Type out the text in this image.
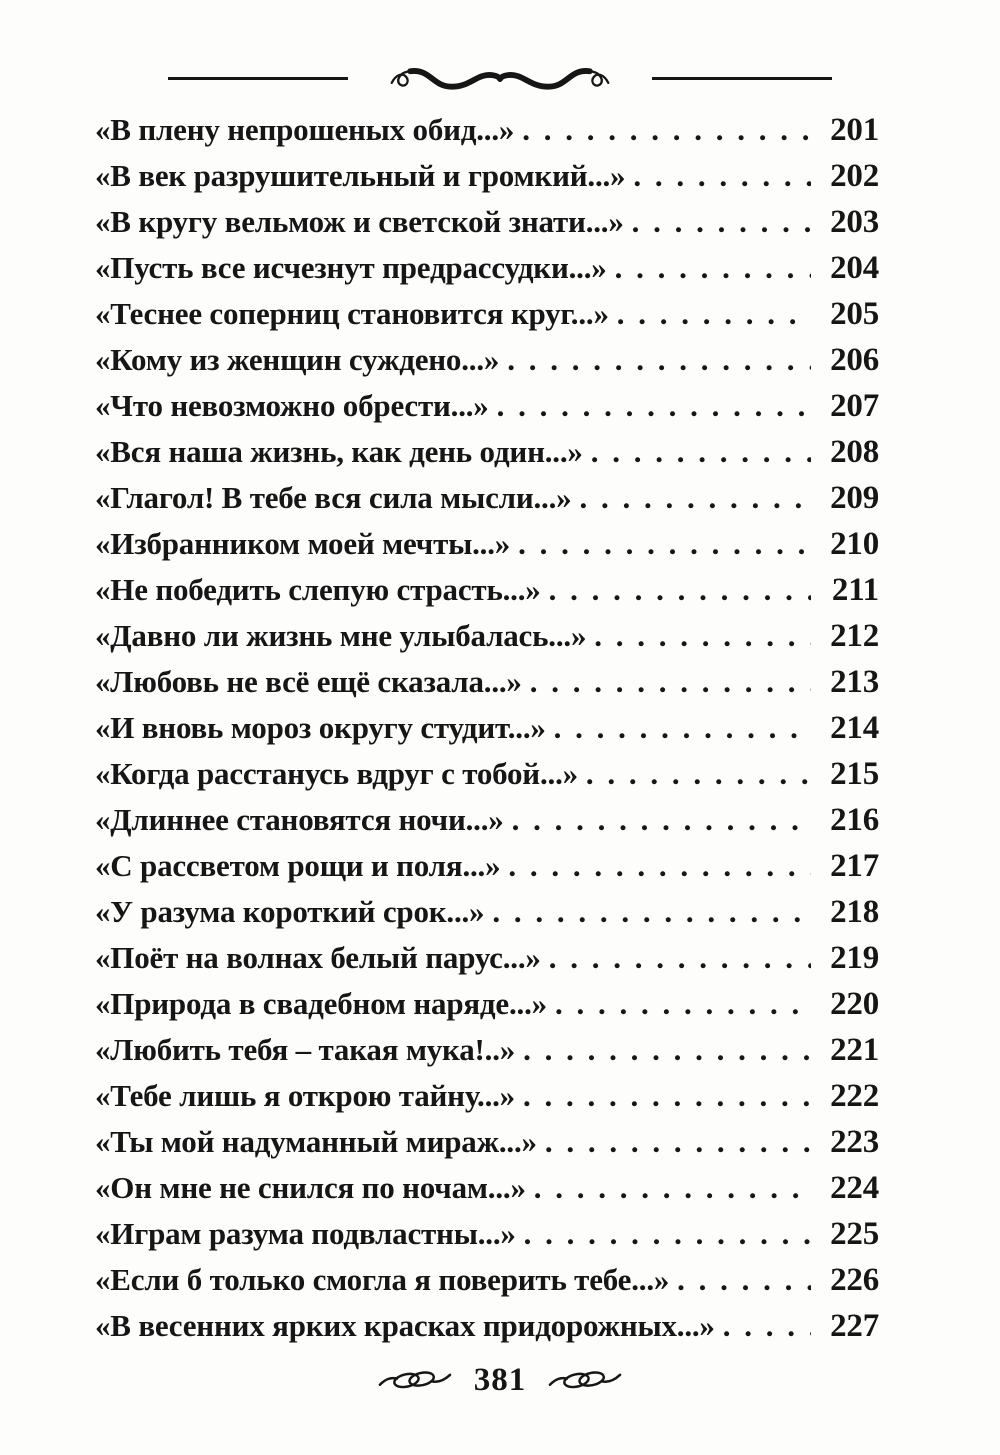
«В плену непрошеных обид...» . . .	201
«В век разрушительный и громкий...» . . .	202
«В кругу вельмож и светской знати...» . . .	203
«Пусть все исчезнут предрассудки...» . . .	204
«Теснее соперниц становится круг...» . . .	205
«Кому из женщин суждено...» . . .	206
«Что невозможно обрести...» . . .	207
«Вся наша жизнь, как день один...» . . .	208
«Глагол! В тебе вся сила мысли...» . . .	209
«Избранником моей мечты...» . . .	210
«Не победить слепую страсть...» . . .	211
«Давно ли жизнь мне улыбалась...» . . .	212
«Любовь не всё ещё сказала...» . . .	213
«И вновь мороз округу студит...» . . .	214
«Когда расстанусь вдруг с тобой...» . . .	215
«Длиннее становятся ночи...» . . .	216
«С рассветом рощи и поля...» . . .	217
«У разума короткий срок...» . . .	218
«Поёт на волнах белый парус...» . . .	219
«Природа в свадебном наряде...» . . .	220
«Любить тебя – такая мука!..» . . .	221
«Тебе лишь я открою тайну...» . . .	222
«Ты мой надуманный мираж...» . . .	223
«Он мне не снился по ночам...» . . .	224
«Играм разума подвластны...» . . .	225
«Если б только смогла я поверить тебе...» . . .	226
«В весенних ярких красках придорожных...» . . .	227
381
